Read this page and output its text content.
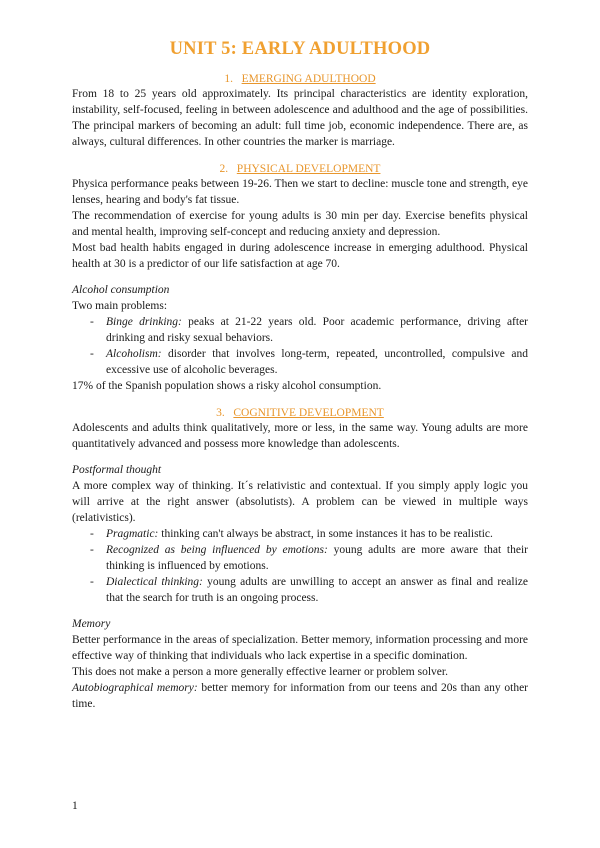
UNIT 5: EARLY ADULTHOOD
1. EMERGING ADULTHOOD

From 18 to 25 years old approximately. Its principal characteristics are identity exploration, instability, self-focused, feeling in between adolescence and adulthood and the age of possibilities. The principal markers of becoming an adult: full time job, economic independence. There are, as always, cultural differences. In other countries the marker is marriage.

2. PHYSICAL DEVELOPMENT

Physica performance peaks between 19-26. Then we start to decline: muscle tone and strength, eye lenses, hearing and body's fat tissue.

The recommendation of exercise for young adults is 30 min per day. Exercise benefits physical and mental health, improving self-concept and reducing anxiety and depression.

Most bad health habits engaged in during adolescence increase in emerging adulthood. Physical health at 30 is a predictor of our life satisfaction at age 70.

Alcohol consumption

Two main problems:

- Binge drinking: peaks at 21-22 years old. Poor academic performance, driving after drinking and risky sexual behaviors.
- Alcoholism: disorder that involves long-term, repeated, uncontrolled, compulsive and excessive use of alcoholic beverages.

17% of the Spanish population shows a risky alcohol consumption.

3. COGNITIVE DEVELOPMENT

Adolescents and adults think qualitatively, more or less, in the same way. Young adults are more quantitatively advanced and possess more knowledge than adolescents.

Postformal thought

A more complex way of thinking. It´s relativistic and contextual. If you simply apply logic you will arrive at the right answer (absolutists). A problem can be viewed in multiple ways (relativistics).

- Pragmatic: thinking can't always be abstract, in some instances it has to be realistic.
- Recognized as being influenced by emotions: young adults are more aware that their thinking is influenced by emotions.
- Dialectical thinking: young adults are unwilling to accept an answer as final and realize that the search for truth is an ongoing process.

Memory

Better performance in the areas of specialization. Better memory, information processing and more effective way of thinking that individuals who lack expertise in a specific domination.

This does not make a person a more generally effective learner or problem solver.

Autobiographical memory: better memory for information from our teens and 20s than any other time.

1
